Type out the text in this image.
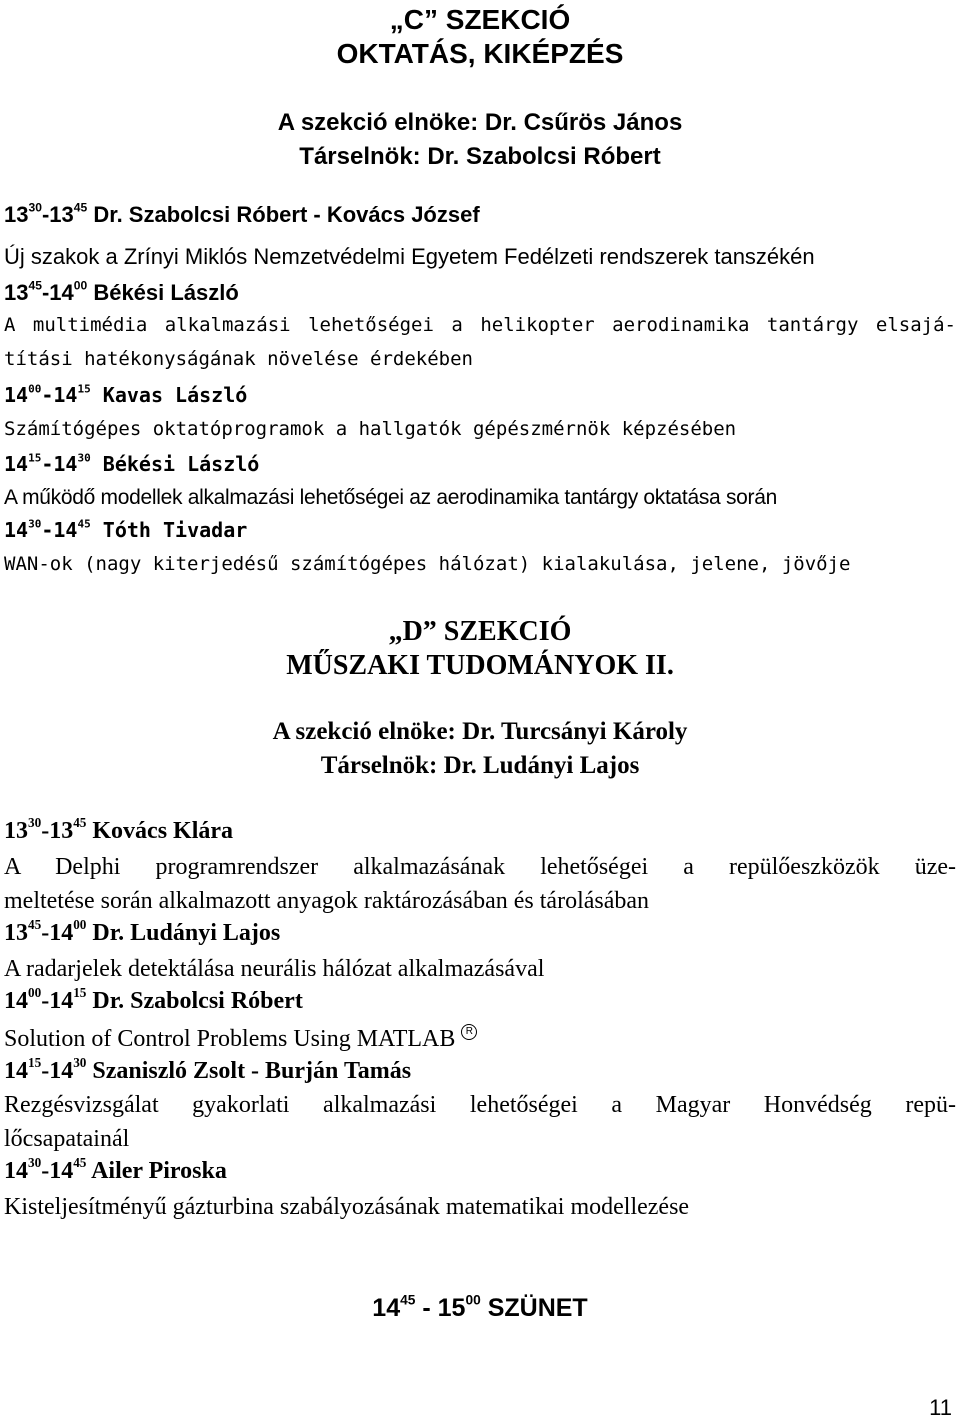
„C” SZEKCIÓ
OKTATÁS, KIKÉPZÉS
A szekció elnöke: Dr. Csűrös János
Társelnök: Dr. Szabolcsi Róbert
$13^{30}-13^{45}$ Dr. Szabolcsi Róbert - Kovács József
Új szakok a Zrínyi Miklós Nemzetvédelmi Egyetem Fedélzeti rendszerek tanszékén
$13^{45}-14^{00}$ Békési László
A multimédia alkalmazási lehetőségei a helikopter aerodinamika tantárgy elsajá-
títási hatékonyságának növelése érdekében
$14^{00}-14^{15}$ Kavas László
Számítógépes oktatóprogramok a hallgatók gépészmérnök képzésében
$14^{15}-14^{30}$ Békési László
A működő modellek alkalmazási lehetőségei az aerodinamika tantárgy oktatása során
$14^{30}-14^{45}$ Tóth Tivadar
WAN-ok (nagy kiterjedésű számítógépes hálózat) kialakulása, jelene, jövője
„D” SZEKCIÓ
MŰSZAKI TUDOMÁNYOK II.
A szekció elnöke: Dr. Turcsányi Károly
Társelnök: Dr. Ludányi Lajos
$13^{30}-13^{45}$ Kovács Klára
A Delphi programrendszer alkalmazásának lehetőségei a repülőeszközök üze-
meltetése során alkalmazott anyagok raktározásában és tárolásában
$13^{45}-14^{00}$ Dr. Ludányi Lajos
A radarjelek detektálása neurális hálózat alkalmazásával
$14^{00}-14^{15}$ Dr. Szabolcsi Róbert
Solution of Control Problems Using MATLAB R
$14^{15}-14^{30}$ Szaniszló Zsolt - Burján Tamás
Rezgésvizsgálat gyakorlati alkalmazási lehetőségei a Magyar Honvédség repü-
lőcsapatainál
$14^{30}-14^{45}$ Ailer Piroska
Kisteljesítményű gázturbina szabályozásának matematikai modellezése
$14^{45} - 15^{00}$ SZÜNET
11
